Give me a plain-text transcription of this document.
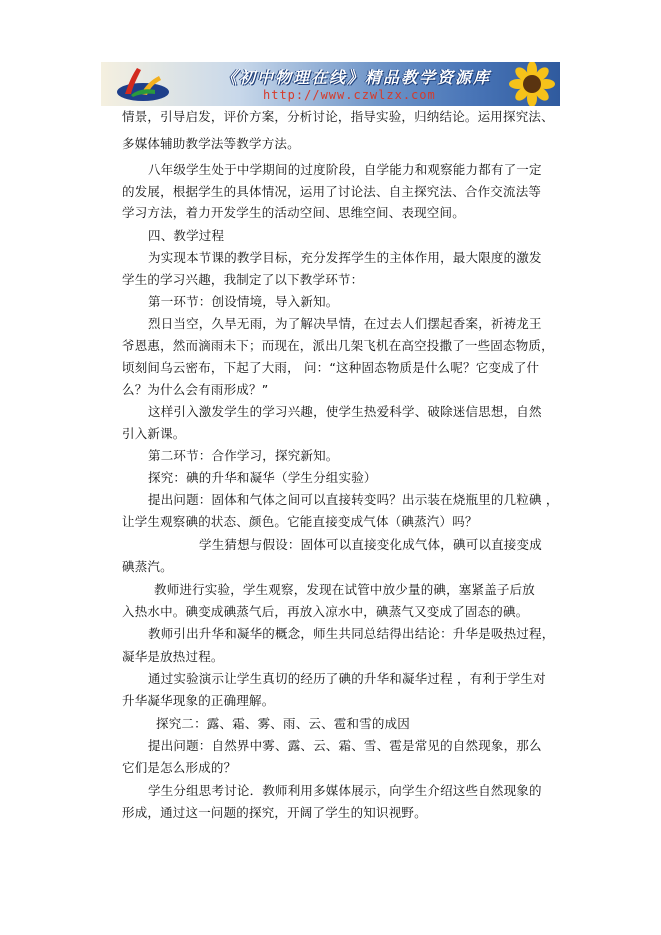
《初中物理在线》精品教学资源库
http://www.czwlzx.com
情景，引导启发，评价方案，分析讨论，指导实验，归纳结论。运用探究法、
多媒体辅助教学法等教学方法。
八年级学生处于中学期间的过度阶段，自学能力和观察能力都有了一定
的发展，根据学生的具体情况，运用了讨论法、自主探究法、合作交流法等
学习方法，着力开发学生的活动空间、思维空间、表现空间。
四、教学过程
为实现本节课的教学目标，充分发挥学生的主体作用，最大限度的激发
学生的学习兴趣，我制定了以下教学环节：
第一环节：创设情境，导入新知。
烈日当空，久旱无雨，为了解决旱情，在过去人们摆起香案，祈祷龙王
爷恩惠，然而滴雨未下；而现在，派出几架飞机在高空投撒了一些固态物质，
顷刻间乌云密布，下起了大雨， 问：“这种固态物质是什么呢？它变成了什
么？为什么会有雨形成？”
这样引入激发学生的学习兴趣，使学生热爱科学、破除迷信思想，自然
引入新课。
第二环节：合作学习，探究新知。
探究：碘的升华和凝华（学生分组实验）
提出问题：固体和气体之间可以直接转变吗？出示装在烧瓶里的几粒碘 ，
让学生观察碘的状态、颜色。它能直接变成气体（碘蒸汽）吗？
学生猜想与假设：固体可以直接变化成气体，碘可以直接变成
碘蒸汽。
教师进行实验，学生观察，发现在试管中放少量的碘，塞紧盖子后放
入热水中。碘变成碘蒸气后，再放入凉水中，碘蒸气又变成了固态的碘。
教师引出升华和凝华的概念，师生共同总结得出结论：升华是吸热过程，
凝华是放热过程。
通过实验演示让学生真切的经历了碘的升华和凝华过程 ，有利于学生对
升华凝华现象的正确理解。
探究二：露、霜、雾、雨、云、雹和雪的成因
提出问题：自然界中雾、露、云、霜、雪、雹是常见的自然现象，那么
它们是怎么形成的？
学生分组思考讨论．教师利用多媒体展示，向学生介绍这些自然现象的
形成，通过这一问题的探究，开阔了学生的知识视野。
